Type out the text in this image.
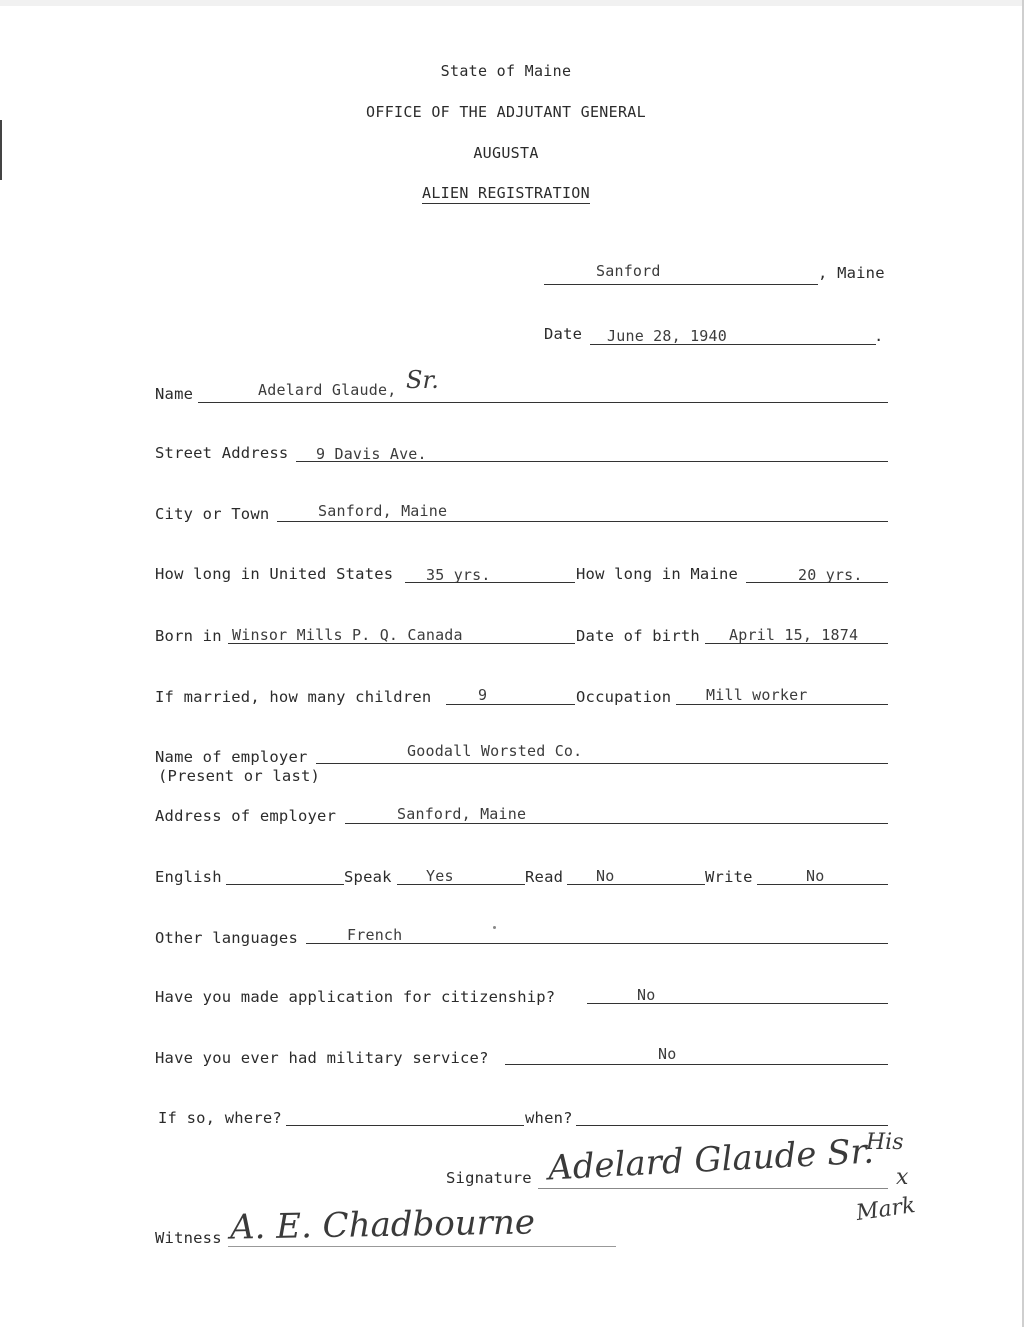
State of Maine
OFFICE OF THE ADJUTANT GENERAL
AUGUSTA
ALIEN REGISTRATION
Sanford	, Maine
Date June 28, 1940	.
Name	Adelard Glaude, Sr.
Street Address 9 Davis Ave.
City or Town	Sanford, Maine
How long in United States 35 yrs.	How long in Maine	20 yrs.
Born in Winsor Mills P. Q. Canada	Date of birth April 15, 1874
If married, how many children	9	Occupation Mill worker
Name of employer	Goodall Worsted Co.
(Present or last)
Address of employer	Sanford, Maine
English	Speak Yes	Read No	Write	No
Other languages	French
Have you made application for citizenship?	No
Have you ever had military service?	No
If so, where?	when?
Signature Adelard Glaude Sr.
His
x
Mark
Witness A. E. Chadbourne
